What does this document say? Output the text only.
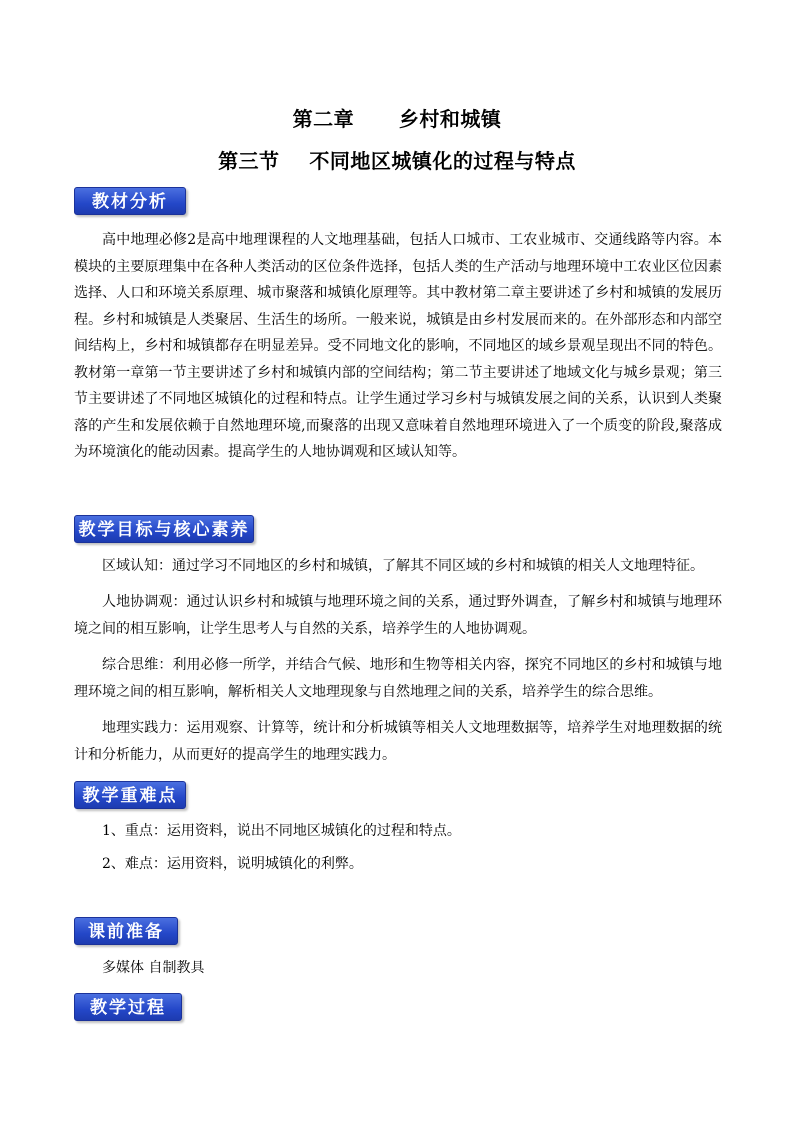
第二章      乡村和城镇
第三节    不同地区城镇化的过程与特点
教材分析
高中地理必修2是高中地理课程的人文地理基础，包括人口城市、工农业城市、交通线路等内容。本模块的主要原理集中在各种人类活动的区位条件选择，包括人类的生产活动与地理环境中工农业区位因素选择、人口和环境关系原理、城市聚落和城镇化原理等。其中教材第二章主要讲述了乡村和城镇的发展历程。乡村和城镇是人类聚居、生活生的场所。一般来说，城镇是由乡村发展而来的。在外部形态和内部空间结构上，乡村和城镇都存在明显差异。受不同地文化的影响，不同地区的域乡景观呈现出不同的特色。教材第一章第一节主要讲述了乡村和城镇内部的空间结构；第二节主要讲述了地域文化与城乡景观；第三节主要讲述了不同地区城镇化的过程和特点。让学生通过学习乡村与城镇发展之间的关系，认识到人类聚落的产生和发展依赖于自然地理环境,而聚落的出现又意味着自然地理环境进入了一个质变的阶段,聚落成为环境演化的能动因素。提高学生的人地协调观和区域认知等。
教学目标与核心素养
区域认知：通过学习不同地区的乡村和城镇，了解其不同区域的乡村和城镇的相关人文地理特征。
人地协调观：通过认识乡村和城镇与地理环境之间的关系，通过野外调查，了解乡村和城镇与地理环境之间的相互影响，让学生思考人与自然的关系，培养学生的人地协调观。
综合思维：利用必修一所学，并结合气候、地形和生物等相关内容，探究不同地区的乡村和城镇与地理环境之间的相互影响，解析相关人文地理现象与自然地理之间的关系，培养学生的综合思维。
地理实践力：运用观察、计算等，统计和分析城镇等相关人文地理数据等，培养学生对地理数据的统计和分析能力，从而更好的提高学生的地理实践力。
教学重难点
1、重点：运用资料，说出不同地区城镇化的过程和特点。
2、难点：运用资料，说明城镇化的利弊。
课前准备
多媒体 自制教具
教学过程
